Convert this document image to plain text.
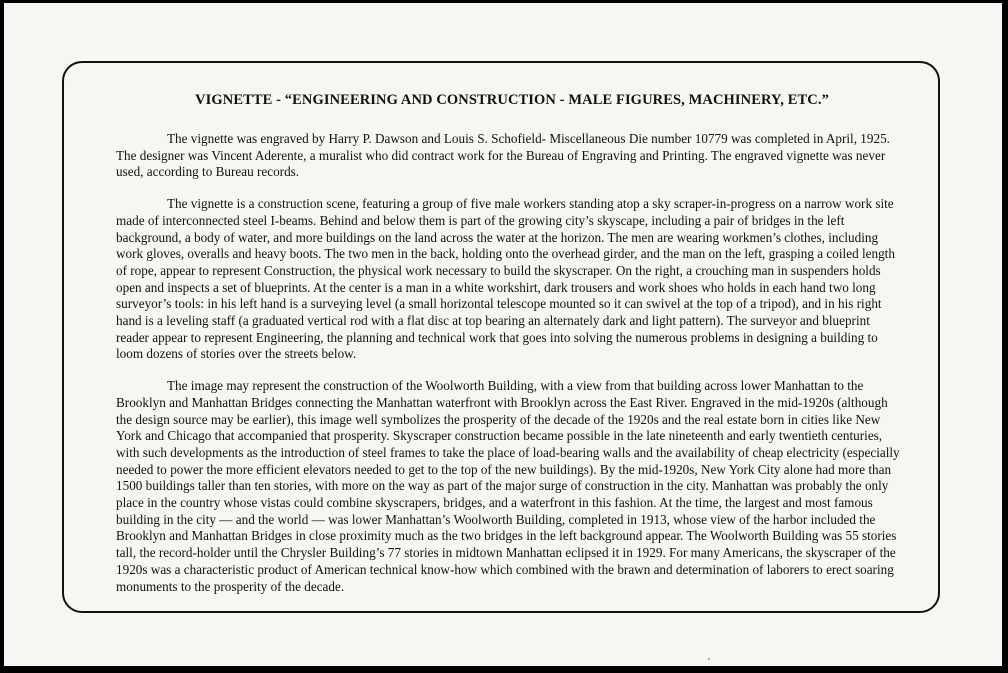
VIGNETTE - “ENGINEERING AND CONSTRUCTION - MALE FIGURES, MACHINERY, ETC.”

The vignette was engraved by Harry P. Dawson and Louis S. Schofield- Miscellaneous Die number 10779 was completed in April, 1925. The designer was Vincent Aderente, a muralist who did contract work for the Bureau of Engraving and Printing. The engraved vignette was never used, according to Bureau records.

The vignette is a construction scene, featuring a group of five male workers standing atop a sky scraper-in-progress on a narrow work site made of interconnected steel I-beams. Behind and below them is part of the growing city’s skyscape, including a pair of bridges in the left background, a body of water, and more buildings on the land across the water at the horizon. The men are wearing workmen’s clothes, including work gloves, overalls and heavy boots. The two men in the back, holding onto the overhead girder, and the man on the left, grasping a coiled length of rope, appear to represent Construction, the physical work necessary to build the skyscraper. On the right, a crouching man in suspenders holds open and inspects a set of blueprints. At the center is a man in a white workshirt, dark trousers and work shoes who holds in each hand two long surveyor’s tools: in his left hand is a surveying level (a small horizontal telescope mounted so it can swivel at the top of a tripod), and in his right hand is a leveling staff (a graduated vertical rod with a flat disc at top bearing an alternately dark and light pattern). The surveyor and blueprint reader appear to represent Engineering, the planning and technical work that goes into solving the numerous problems in designing a building to loom dozens of stories over the streets below.

The image may represent the construction of the Woolworth Building, with a view from that building across lower Manhattan to the Brooklyn and Manhattan Bridges connecting the Manhattan waterfront with Brooklyn across the East River. Engraved in the mid-1920s (although the design source may be earlier), this image well symbolizes the prosperity of the decade of the 1920s and the real estate born in cities like New York and Chicago that accompanied that prosperity. Skyscraper construction became possible in the late nineteenth and early twentieth centuries, with such developments as the introduction of steel frames to take the place of load-bearing walls and the availability of cheap electricity (especially needed to power the more efficient elevators needed to get to the top of the new buildings). By the mid-1920s, New York City alone had more than 1500 buildings taller than ten stories, with more on the way as part of the major surge of construction in the city. Manhattan was probably the only place in the country whose vistas could combine skyscrapers, bridges, and a waterfront in this fashion. At the time, the largest and most famous building in the city — and the world — was lower Manhattan’s Woolworth Building, completed in 1913, whose view of the harbor included the Brooklyn and Manhattan Bridges in close proximity much as the two bridges in the left background appear. The Woolworth Building was 55 stories tall, the record-holder until the Chrysler Building’s 77 stories in midtown Manhattan eclipsed it in 1929. For many Americans, the skyscraper of the 1920s was a characteristic product of American technical know-how which combined with the brawn and determination of laborers to erect soaring monuments to the prosperity of the decade.
